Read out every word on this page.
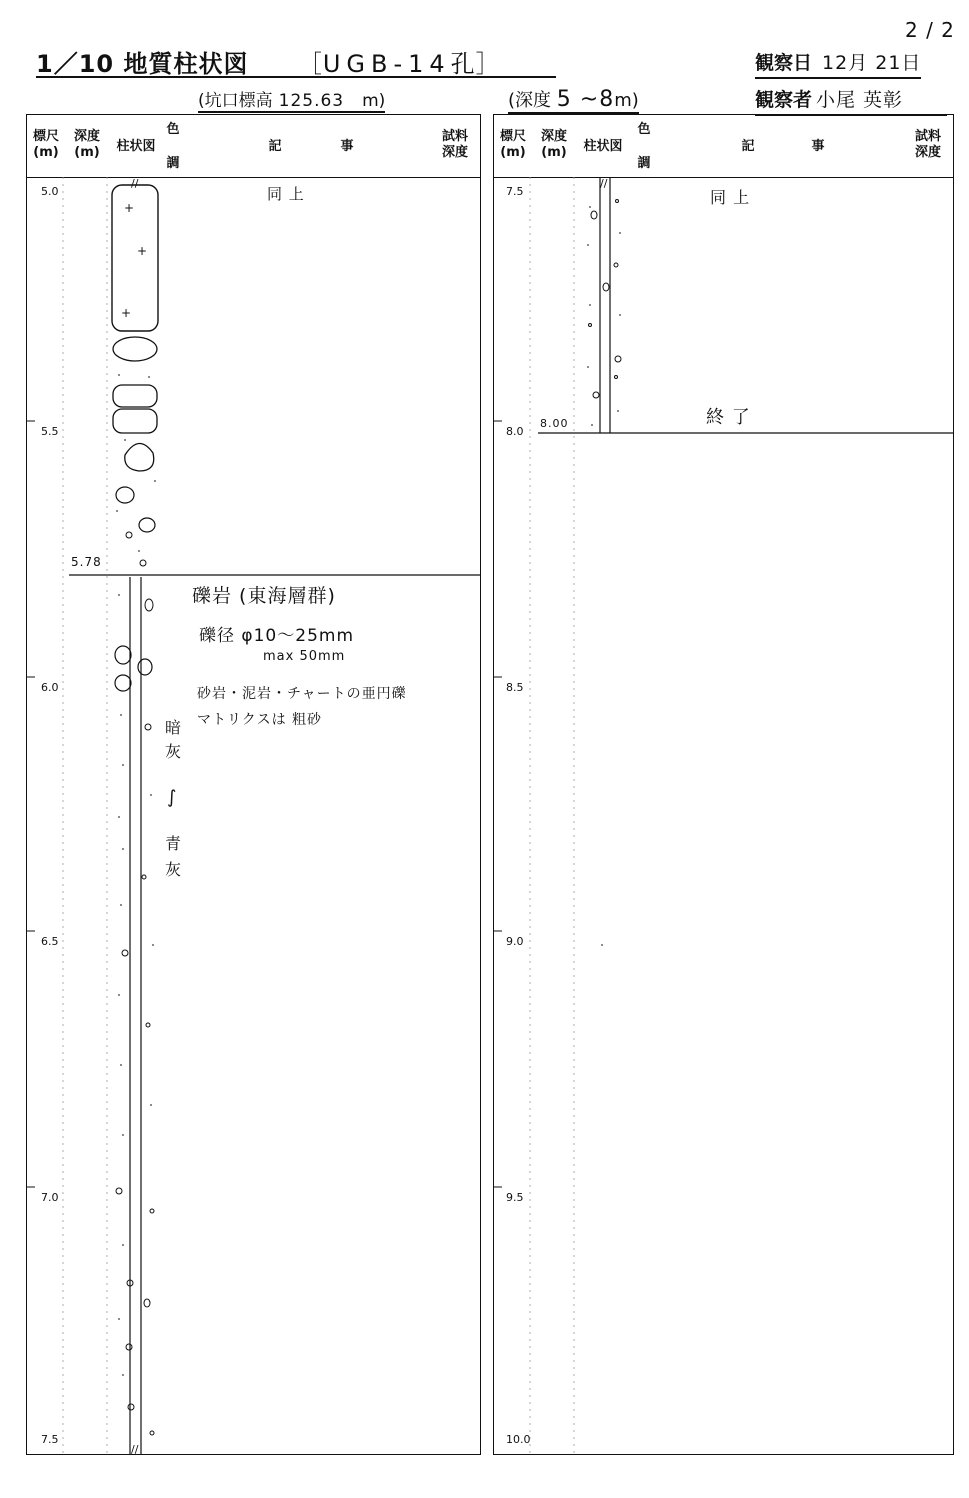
2 / 2
1／10 地質柱状図 ［UGB-14孔］	観察日 12月 21日
(坑口標高 125.63 m)	(深度 5 ~8m)	観察者 小尾 英彰
標尺
(m)
深度
(m)	柱状図
色

調
記	事
試料
深度
5.0
5.5
6.0
6.5
7.0
7.5
5.78
+
+
+
//
//
同 上
礫岩 (東海層群)
礫径 φ10～25mm
max 50mm
砂岩・泥岩・チャートの亜円礫
マトリクスは 粗砂
暗
灰
∫
青
灰
標尺
(m)
深度
(m)	柱状図
色

調
記	事
試料
深度
7.5
8.0
8.5
9.0
9.5
10.0
8.00
//
同 上
終 了
